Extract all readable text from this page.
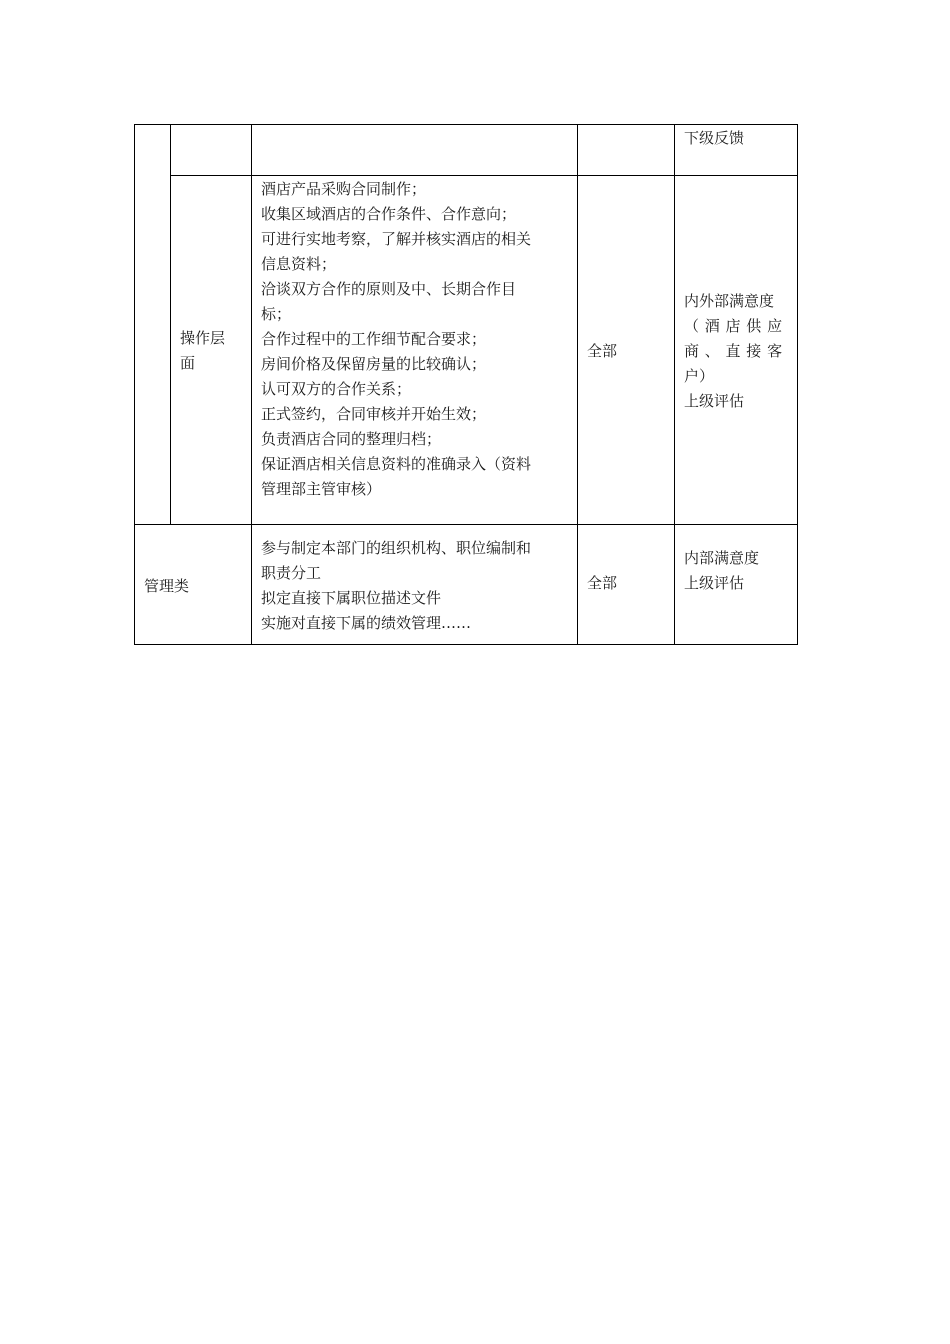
下级反馈
操作层
面
酒店产品采购合同制作；
收集区域酒店的合作条件、合作意向；
可进行实地考察，了解并核实酒店的相关
信息资料；
洽谈双方合作的原则及中、长期合作目
标；
合作过程中的工作细节配合要求；
房间价格及保留房量的比较确认；
认可双方的合作关系；
正式签约，合同审核并开始生效；
负责酒店合同的整理归档；
保证酒店相关信息资料的准确录入（资料
管理部主管审核）
全部
内外部满意度
（ 酒 店 供 应
商 、 直 接 客
户）
上级评估
管理类
参与制定本部门的组织机构、职位编制和
职责分工
拟定直接下属职位描述文件
实施对直接下属的绩效管理……
全部
内部满意度
上级评估
